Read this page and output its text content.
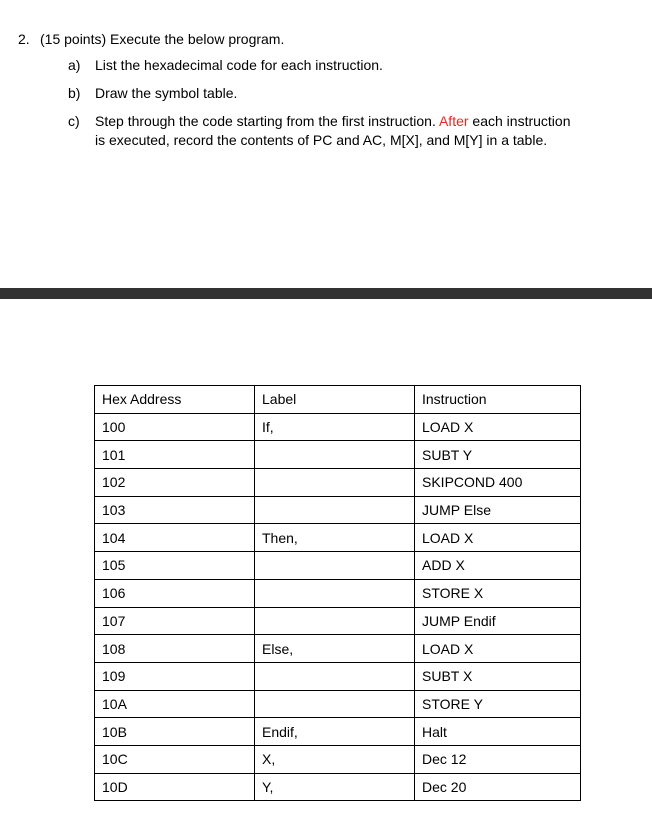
2. (15 points) Execute the below program.
a) List the hexadecimal code for each instruction.
b) Draw the symbol table.
c) Step through the code starting from the first instruction. After each instruction
is executed, record the contents of PC and AC, M[X], and M[Y] in a table.
Hex Address	Label	Instruction
100	If,	LOAD X
101		SUBT Y
102		SKIPCOND 400
103		JUMP Else
104	Then,	LOAD X
105		ADD X
106		STORE X
107		JUMP Endif
108	Else,	LOAD X
109		SUBT X
10A		STORE Y
10B	Endif,	Halt
10C	X,	Dec 12
10D	Y,	Dec 20
